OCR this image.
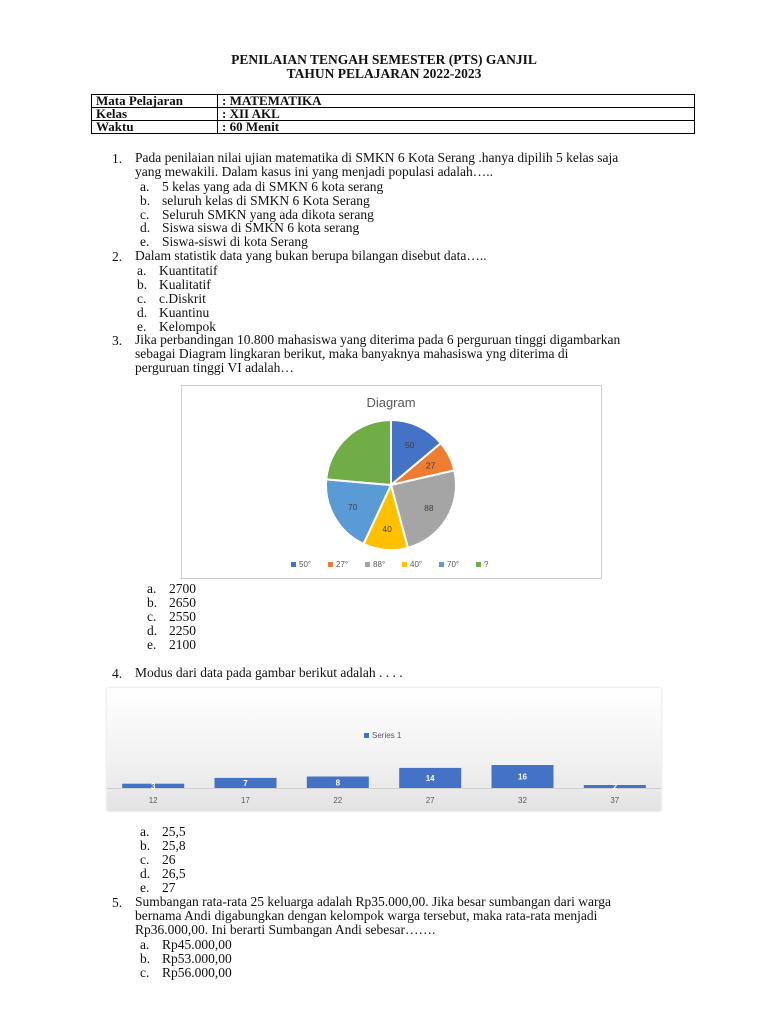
PENILAIAN TENGAH SEMESTER (PTS) GANJIL
TAHUN PELAJARAN 2022-2023
Mata Pelajaran	: MATEMATIKA
Kelas	: XII AKL
Waktu	: 60 Menit
1. Pada penilaian nilai ujian matematika di SMKN 6 Kota Serang .hanya dipilih 5 kelas saja
yang mewakili. Dalam kasus ini yang menjadi populasi adalah…..
a. 5 kelas yang ada di SMKN 6 kota serang
b. seluruh kelas di SMKN 6 Kota Serang
c. Seluruh SMKN yang ada dikota serang
d. Siswa siswa di SMKN 6 kota serang
e. Siswa-siswi di kota Serang
2. Dalam statistik data yang bukan berupa bilangan disebut data…..
a. Kuantitatif
b. Kualitatif
c. c.Diskrit
d. Kuantinu
e. Kelompok
3. Jika perbandingan 10.800 mahasiswa yang diterima pada 6 perguruan tinggi digambarkan
sebagai Diagram lingkaran berikut, maka banyaknya mahasiswa yng diterima di
perguruan tinggi VI adalah…
Diagram
50
27
88
40
70
50°	27°	88°	40°	70°	?
a. 2700
b. 2650
c. 2550
d. 2250
e. 2100
4. Modus dari data pada gambar berikut adalah . . . .
Series 1
3
12
7
17
8
22
14
27
16
32
2
37
a. 25,5
b. 25,8
c. 26
d. 26,5
e. 27
5. Sumbangan rata-rata 25 keluarga adalah Rp35.000,00. Jika besar sumbangan dari warga
bernama Andi digabungkan dengan kelompok warga tersebut, maka rata-rata menjadi
Rp36.000,00. Ini berarti Sumbangan Andi sebesar…….
a. Rp45.000,00
b. Rp53.000,00
c. Rp56.000,00
